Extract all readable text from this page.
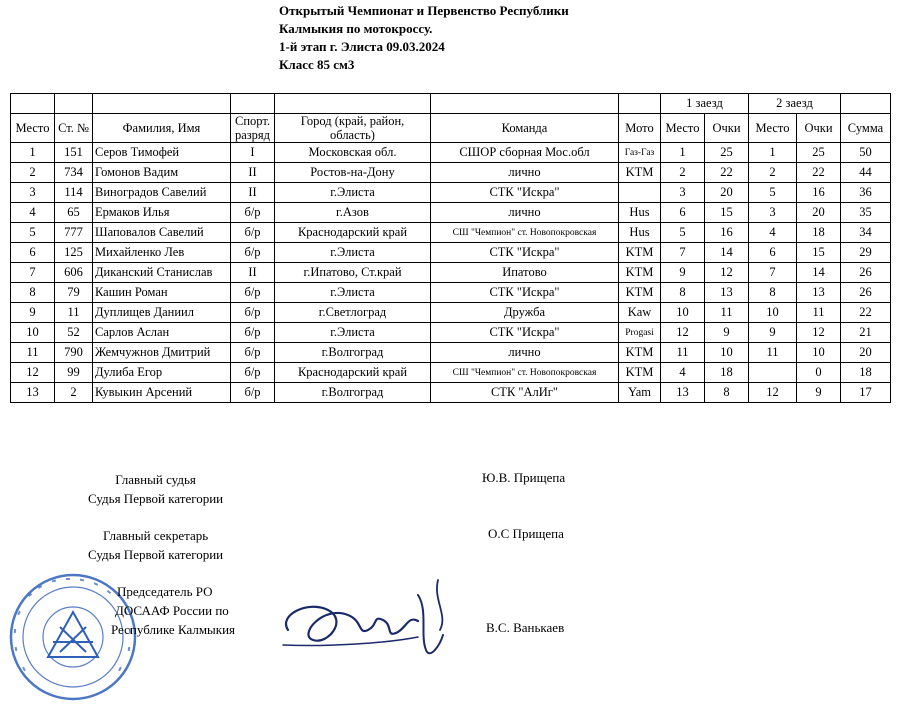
Открытый Чемпионат и Первенство Республики
Калмыкия по мотокроссу.
1-й этап г. Элиста 09.03.2024
Класс 85 см3
							1 заезд		2 заезд		
Место	Ст. №	Фамилия, Имя	Спорт. разряд	Город (край, район, область)	Команда	Мото	Место	Очки	Место	Очки	Сумма
1	151	Серов Тимофей	I	Московская обл.	СШОР сборная Мос.обл	Газ-Газ	1	25	1	25	50
2	734	Гомонов Вадим	II	Ростов-на-Дону	лично	KTM	2	22	2	22	44
3	114	Виноградов Савелий	II	г.Элиста	СТК "Искра"		3	20	5	16	36
4	65	Ермаков Илья	б/р	г.Азов	лично	Hus	6	15	3	20	35
5	777	Шаповалов Савелий	б/р	Краснодарский край	СШ "Чемпион" ст. Новопокровская	Hus	5	16	4	18	34
6	125	Михайленко Лев	б/р	г.Элиста	СТК "Искра"	KTM	7	14	6	15	29
7	606	Диканский Станислав	II	г.Ипатово, Ст.край	Ипатово	KTM	9	12	7	14	26
8	79	Кашин Роман	б/р	г.Элиста	СТК "Искра"	KTM	8	13	8	13	26
9	11	Дуплищев Даниил	б/р	г.Светлоград	Дружба	Kaw	10	11	10	11	22
10	52	Сарлов Аслан	б/р	г.Элиста	СТК "Искра"	Progasi	12	9	9	12	21
11	790	Жемчужнов Дмитрий	б/р	г.Волгоград	лично	KTM	11	10	11	10	20
12	99	Дулиба Егор	б/р	Краснодарский край	СШ "Чемпион" ст. Новопокровская	KTM	4	18		0	18
13	2	Кувыкин Арсений	б/р	г.Волгоград	СТК "АлИг"	Yam	13	8	12	9	17
Главный судья
Судья Первой категории
Ю.В. Прищепа
Главный секретарь
Судья Первой категории
О.С Прищепа
Председатель РО
ДОСААФ России по
Республике Калмыкия	В.С. Ванькаев
